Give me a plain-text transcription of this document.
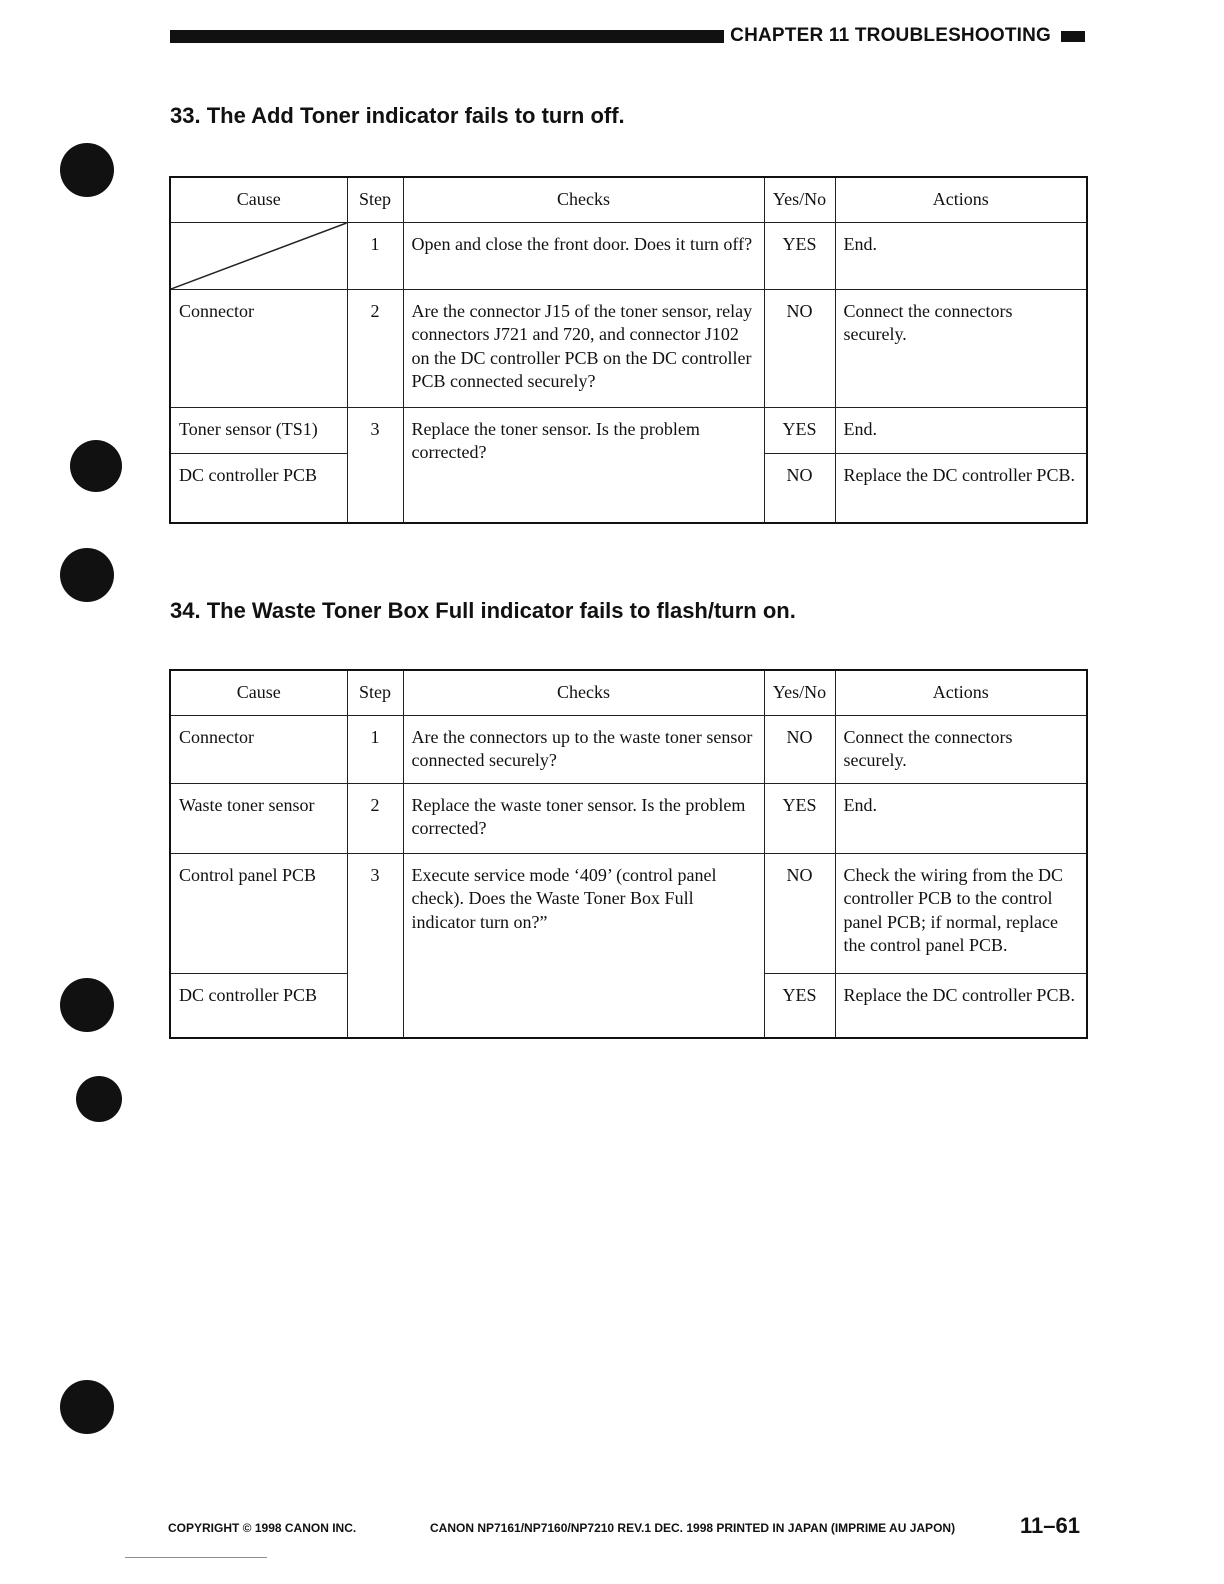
CHAPTER 11 TROUBLESHOOTING
33. The Add Toner indicator fails to turn off.
Cause	Step	Checks	Yes/No	Actions

	1	Open and close the front door. Does it turn off?	YES	End.
Connector	2	Are the connector J15 of the toner sensor, relay connectors J721 and 720, and connector J102 on the DC controller PCB on the DC controller PCB connected securely?	NO	Connect the connectors securely.
Toner sensor (TS1)	3	Replace the toner sensor. Is the problem corrected?	YES	End.
DC controller PCB			NO	Replace the DC controller PCB.
34. The Waste Toner Box Full indicator fails to flash/turn on.
Cause	Step	Checks	Yes/No	Actions
Connector	1	Are the connectors up to the waste toner sensor connected securely?	NO	Connect the connectors securely.
Waste toner sensor	2	Replace the waste toner sensor. Is the problem corrected?	YES	End.
Control panel PCB	3	Execute service mode ‘409’ (control panel check). Does the Waste Toner Box Full indicator turn on?”	NO	Check the wiring from the DC controller PCB to the control panel PCB; if normal, replace the control panel PCB.
DC controller PCB			YES	Replace the DC controller PCB.
COPYRIGHT © 1998 CANON INC.	CANON NP7161/NP7160/NP7210 REV.1 DEC. 1998 PRINTED IN JAPAN (IMPRIME AU JAPON)	11–61
